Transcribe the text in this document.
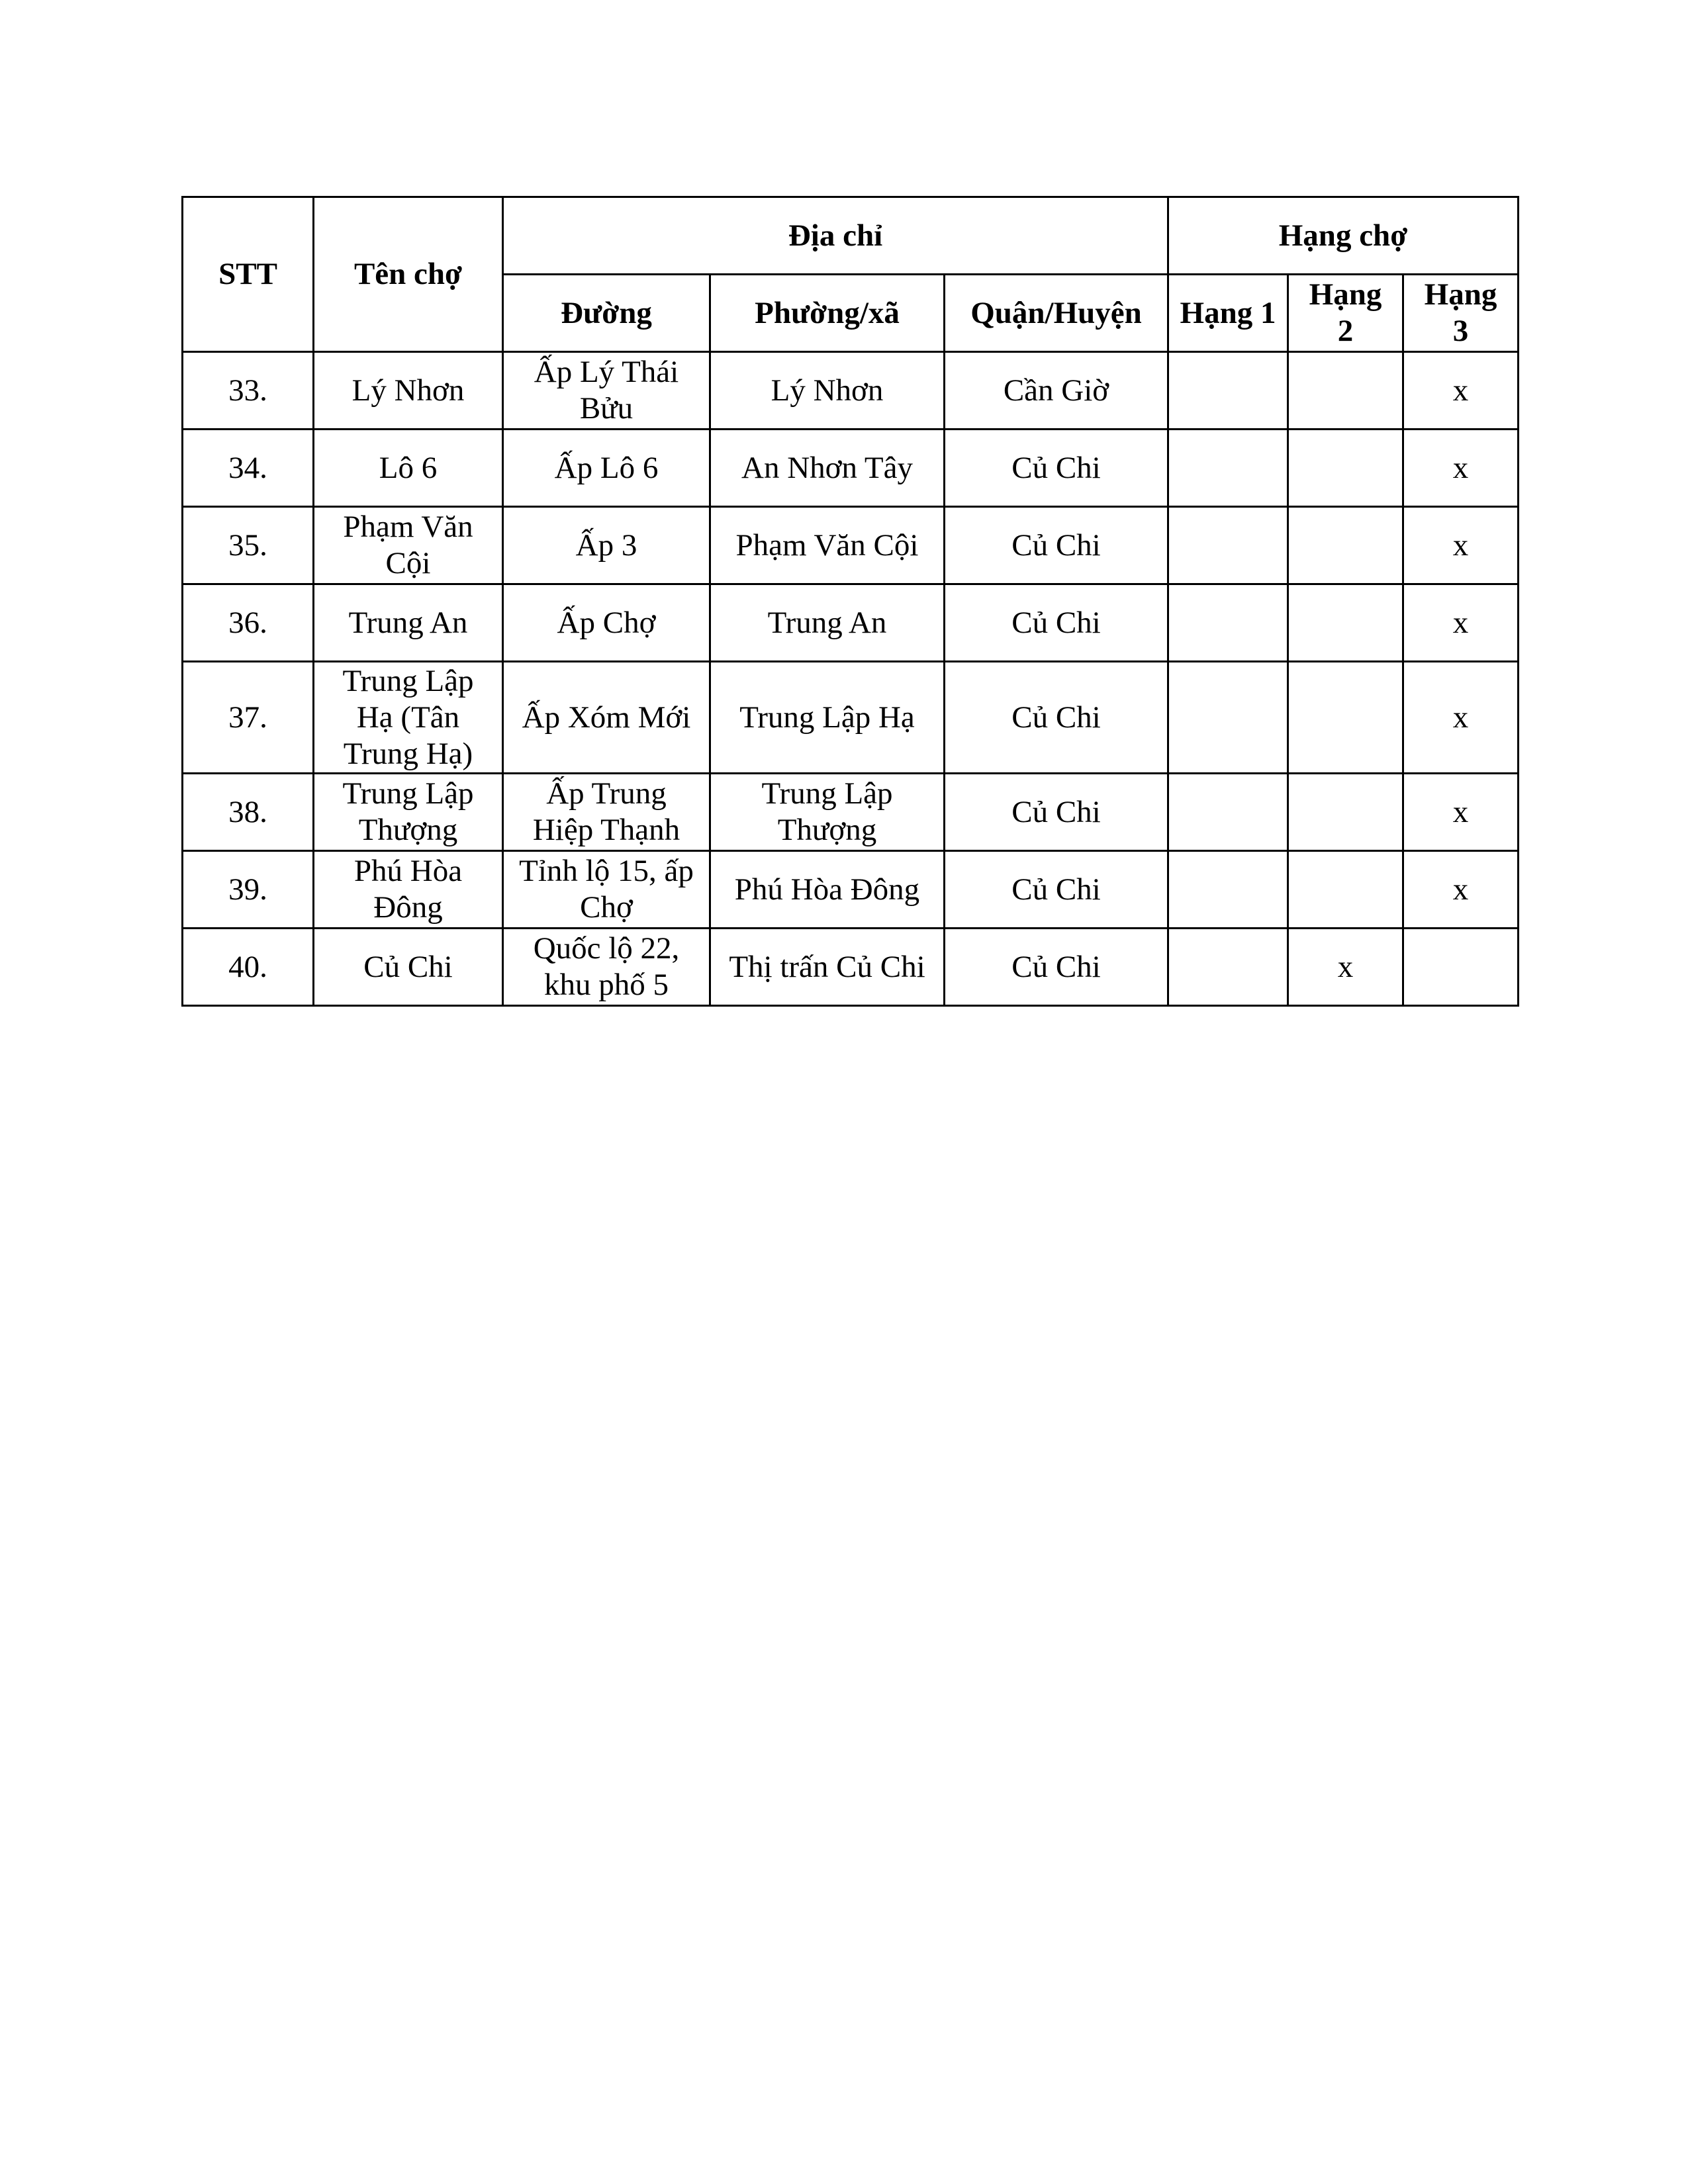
STT	Tên chợ	Địa chỉ			Hạng chợ		
		Đường	Phường/xã	Quận/Huyện	Hạng 1	Hạng 2	Hạng 3
33.	Lý Nhơn	Ấp Lý Thái Bửu	Lý Nhơn	Cần Giờ			x
34.	Lô 6	Ấp Lô 6	An Nhơn Tây	Củ Chi			x
35.	Phạm Văn Cội	Ấp 3	Phạm Văn Cội	Củ Chi			x
36.	Trung An	Ấp Chợ	Trung An	Củ Chi			x
37.	Trung Lập Hạ (Tân Trung Hạ)	Ấp Xóm Mới	Trung Lập Hạ	Củ Chi			x
38.	Trung Lập Thượng	Ấp Trung Hiệp Thạnh	Trung Lập Thượng	Củ Chi			x
39.	Phú Hòa Đông	Tỉnh lộ 15, ấp Chợ	Phú Hòa Đông	Củ Chi			x
40.	Củ Chi	Quốc lộ 22, khu phố 5	Thị trấn Củ Chi	Củ Chi		x	
